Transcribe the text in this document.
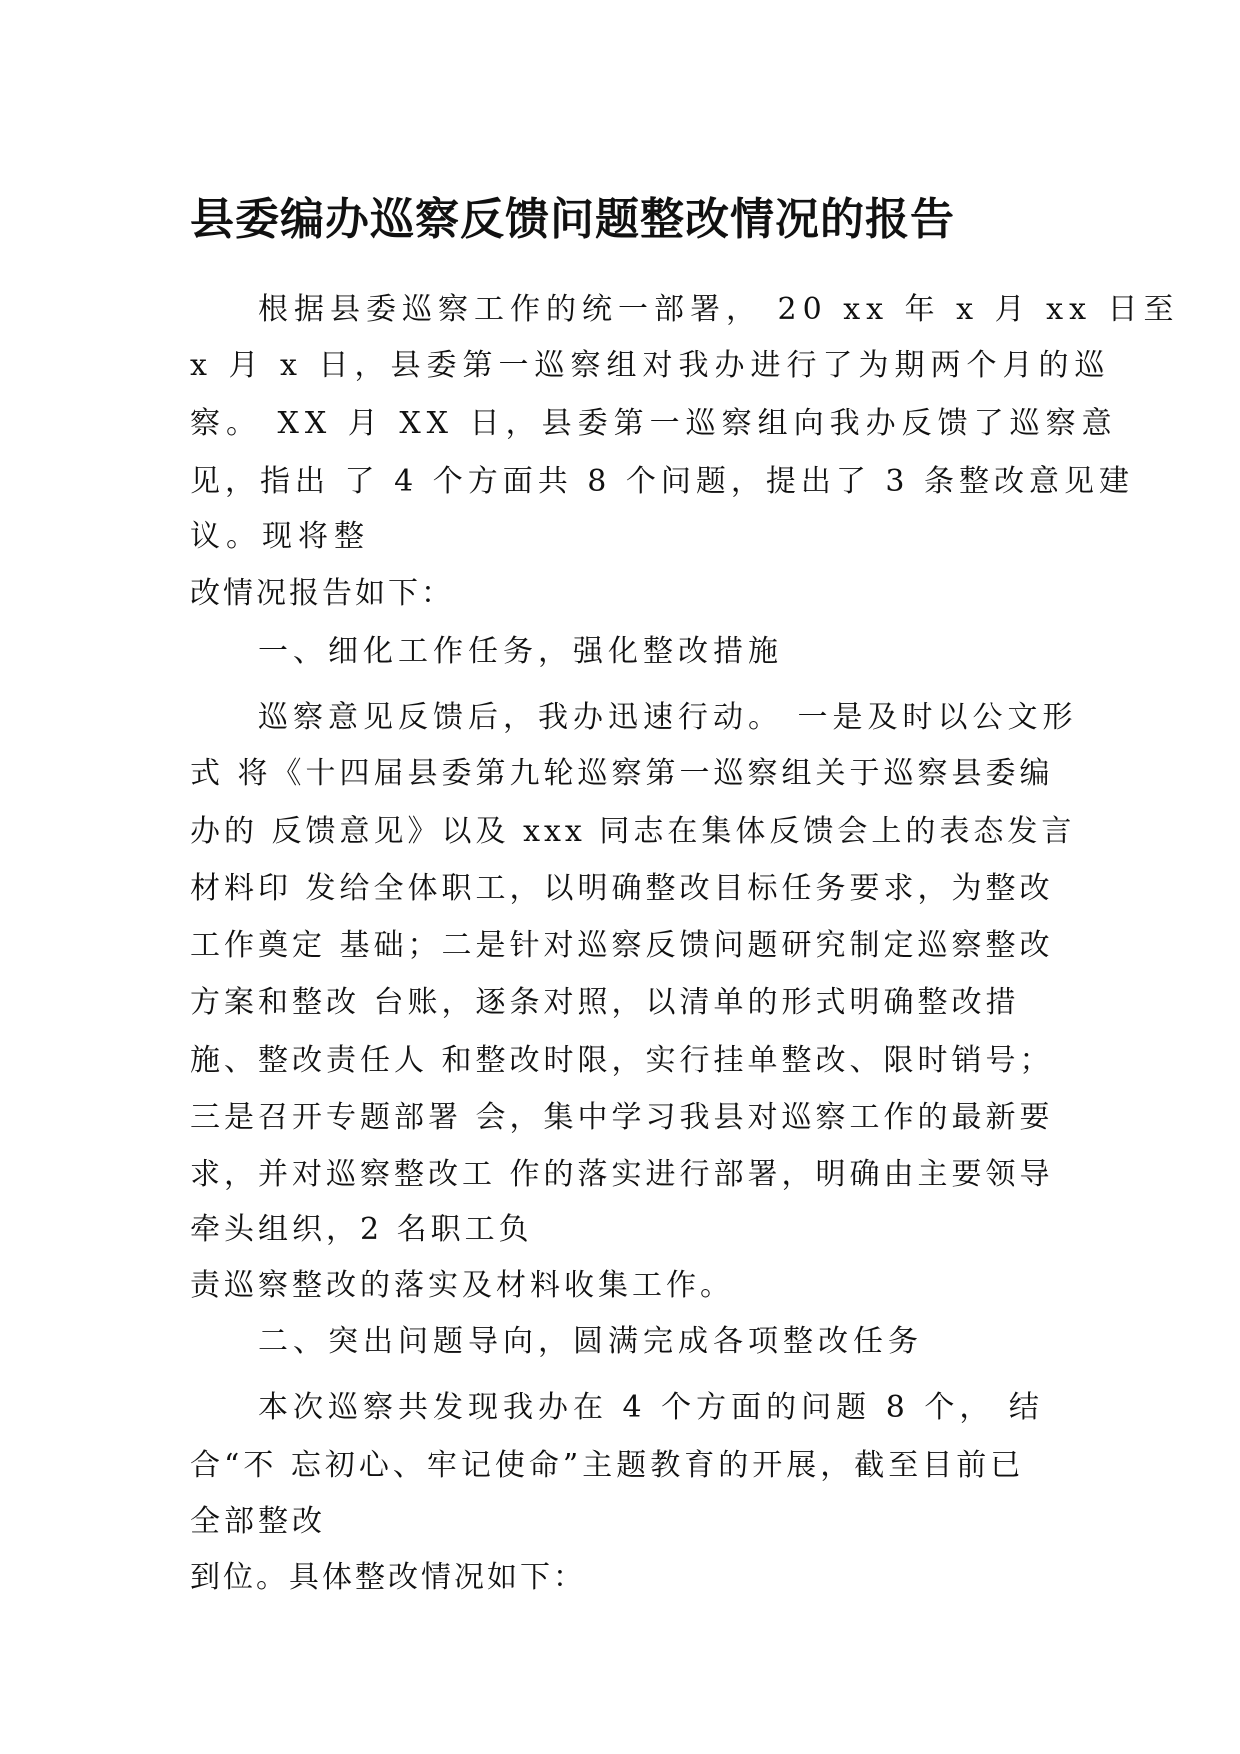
县委编办巡察反馈问题整改情况的报告

根据县委巡察工作的统一部署， 20 xx 年 x 月 xx 日至

x 月 x 日，县委第一巡察组对我办进行了为期两个月的巡

察。 XX 月 XX 日，县委第一巡察组向我办反馈了巡察意

见，指出 了 4 个方面共 8 个问题，提出了 3 条整改意见建

议。现将整

改情况报告如下：

一、细化工作任务，强化整改措施

巡察意见反馈后，我办迅速行动。 一是及时以公文形

式 将《十四届县委第九轮巡察第一巡察组关于巡察县委编

办的 反馈意见》以及 xxx 同志在集体反馈会上的表态发言

材料印 发给全体职工，以明确整改目标任务要求，为整改

工作奠定 基础；二是针对巡察反馈问题研究制定巡察整改

方案和整改 台账，逐条对照，以清单的形式明确整改措

施、整改责任人 和整改时限，实行挂单整改、限时销号；

三是召开专题部署 会，集中学习我县对巡察工作的最新要

求，并对巡察整改工 作的落实进行部署，明确由主要领导

牵头组织，2 名职工负

责巡察整改的落实及材料收集工作。

二、突出问题导向，圆满完成各项整改任务

本次巡察共发现我办在 4 个方面的问题 8 个， 结

合“不 忘初心、牢记使命”主题教育的开展，截至目前已

全部整改

到位。具体整改情况如下：
